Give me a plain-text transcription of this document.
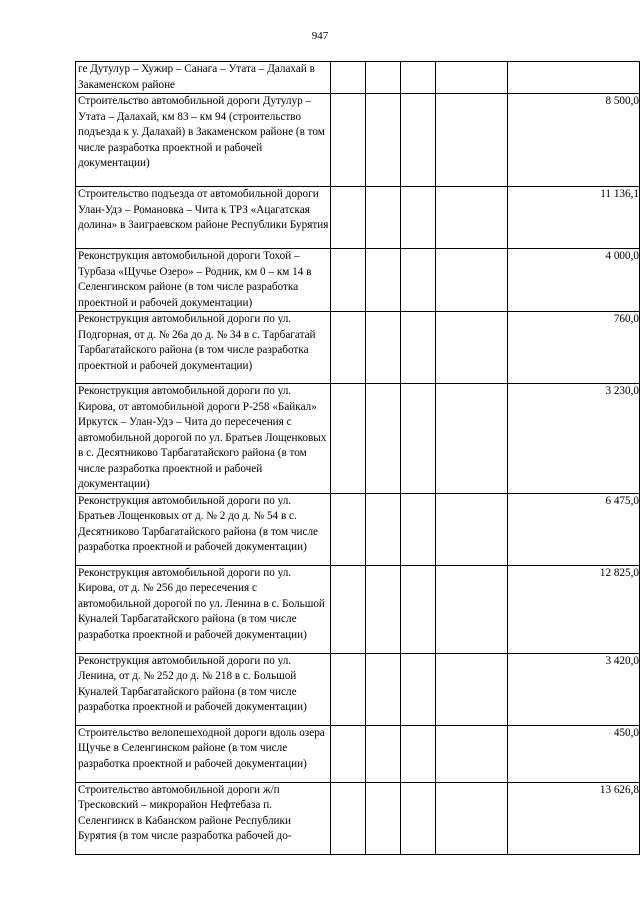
947
ге Дутулур – Хужир – Санага – Утата – Далахай в Закаменском районе					
Строительство автомобильной дороги Дутулур – Утата – Далахай, км 83 – км 94 (строительство подъезда к у. Далахай) в Закаменском районе (в том числе разработка проектной и рабочей документации)					8 500,0
Строительство подъезда от автомобильной дороги Улан-Удэ – Романовка – Чита к ТРЗ «Ацагатская долина» в Заиграевском районе Республики Бурятия					11 136,1
Реконструкция автомобильной дороги Тохой – Турбаза «Щучье Озеро» – Родник, км 0 – км 14 в Селенгинском районе (в том числе разработка проектной и рабочей документации)					4 000,0
Реконструкция автомобильной дороги по ул. Подгорная, от д. № 26а до д. № 34 в с. Тарбагатай Тарбагатайского района (в том числе разработка проектной и рабочей документации)					760,0
Реконструкция автомобильной дороги по ул. Кирова, от автомобильной дороги Р-258 «Байкал» Иркутск – Улан-Удэ – Чита до пересечения с автомобильной дорогой по ул. Братьев Лощенковых в с. Десятниково Тарбагатайского района (в том числе разработка проектной и рабочей документации)					3 230,0
Реконструкция автомобильной дороги по ул. Братьев Лощенковых от д. № 2 до д. № 54 в с. Десятниково Тарбагатайского района (в том числе разработка проектной и рабочей документации)					6 475,0
Реконструкция автомобильной дороги по ул. Кирова, от д. № 256 до пересечения с автомобильной дорогой по ул. Ленина в с. Большой Куналей Тарбагатайского района (в том числе разработка проектной и рабочей документации)					12 825,0
Реконструкция автомобильной дороги по ул. Ленина, от д. № 252 до д. № 218 в с. Большой Куналей Тарбагатайского района (в том числе разработка проектной и рабочей документации)					3 420,0
Строительство велопешеходной дороги вдоль озера Щучье в Селенгинском районе (в том числе разработка проектной и рабочей документации)					450,0
Строительство автомобильной дороги ж/п Тресковский – микрорайон Нефтебаза п. Селенгинск в Кабанском районе Республики Бурятия (в том числе разработка рабочей до-					13 626,8
